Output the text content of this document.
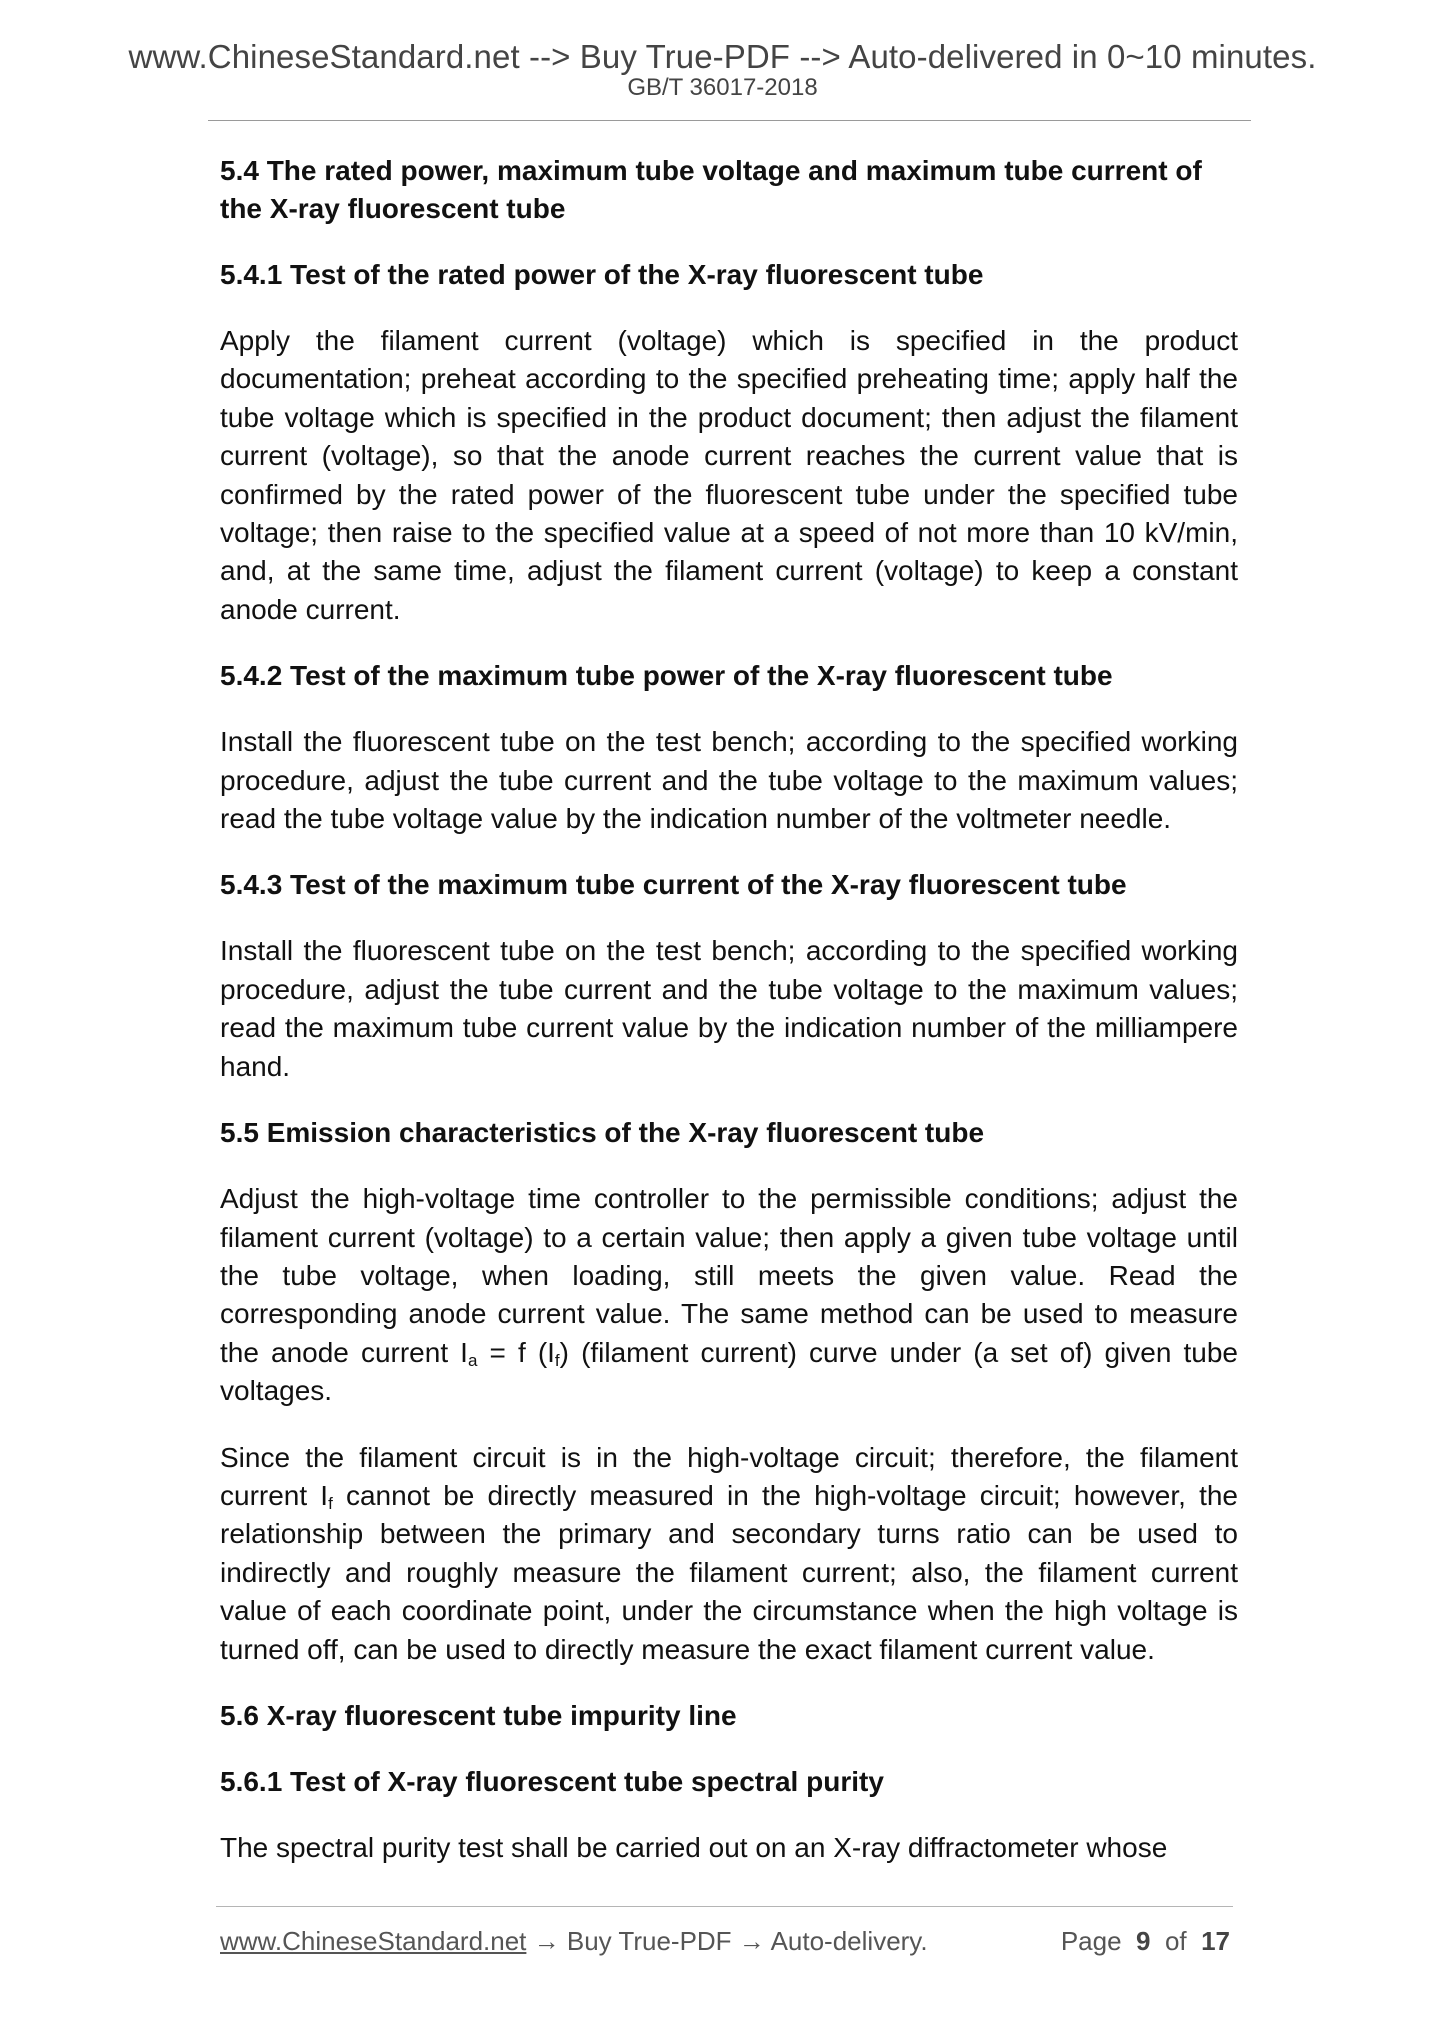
www.ChineseStandard.net --> Buy True-PDF --> Auto-delivered in 0~10 minutes.
GB/T 36017-2018

5.4 The rated power, maximum tube voltage and maximum tube current of the X-ray fluorescent tube

5.4.1 Test of the rated power of the X-ray fluorescent tube

Apply the filament current (voltage) which is specified in the product documentation; preheat according to the specified preheating time; apply half the tube voltage which is specified in the product document; then adjust the filament current (voltage), so that the anode current reaches the current value that is confirmed by the rated power of the fluorescent tube under the specified tube voltage; then raise to the specified value at a speed of not more than 10 kV/min, and, at the same time, adjust the filament current (voltage) to keep a constant anode current.

5.4.2 Test of the maximum tube power of the X-ray fluorescent tube

Install the fluorescent tube on the test bench; according to the specified working procedure, adjust the tube current and the tube voltage to the maximum values; read the tube voltage value by the indication number of the voltmeter needle.

5.4.3 Test of the maximum tube current of the X-ray fluorescent tube

Install the fluorescent tube on the test bench; according to the specified working procedure, adjust the tube current and the tube voltage to the maximum values; read the maximum tube current value by the indication number of the milliampere hand.

5.5 Emission characteristics of the X-ray fluorescent tube

Adjust the high-voltage time controller to the permissible conditions; adjust the filament current (voltage) to a certain value; then apply a given tube voltage until the tube voltage, when loading, still meets the given value. Read the corresponding anode current value. The same method can be used to measure the anode current $I_a = f$ $(I_f)$ (filament current) curve under (a set of) given tube voltages.

Since the filament circuit is in the high-voltage circuit; therefore, the filament current $I_f$ cannot be directly measured in the high-voltage circuit; however, the relationship between the primary and secondary turns ratio can be used to indirectly and roughly measure the filament current; also, the filament current value of each coordinate point, under the circumstance when the high voltage is turned off, can be used to directly measure the exact filament current value.

5.6 X-ray fluorescent tube impurity line

5.6.1 Test of X-ray fluorescent tube spectral purity

The spectral purity test shall be carried out on an X-ray diffractometer whose

www.ChineseStandard.net → Buy True-PDF → Auto-delivery.	Page 9 of 17
